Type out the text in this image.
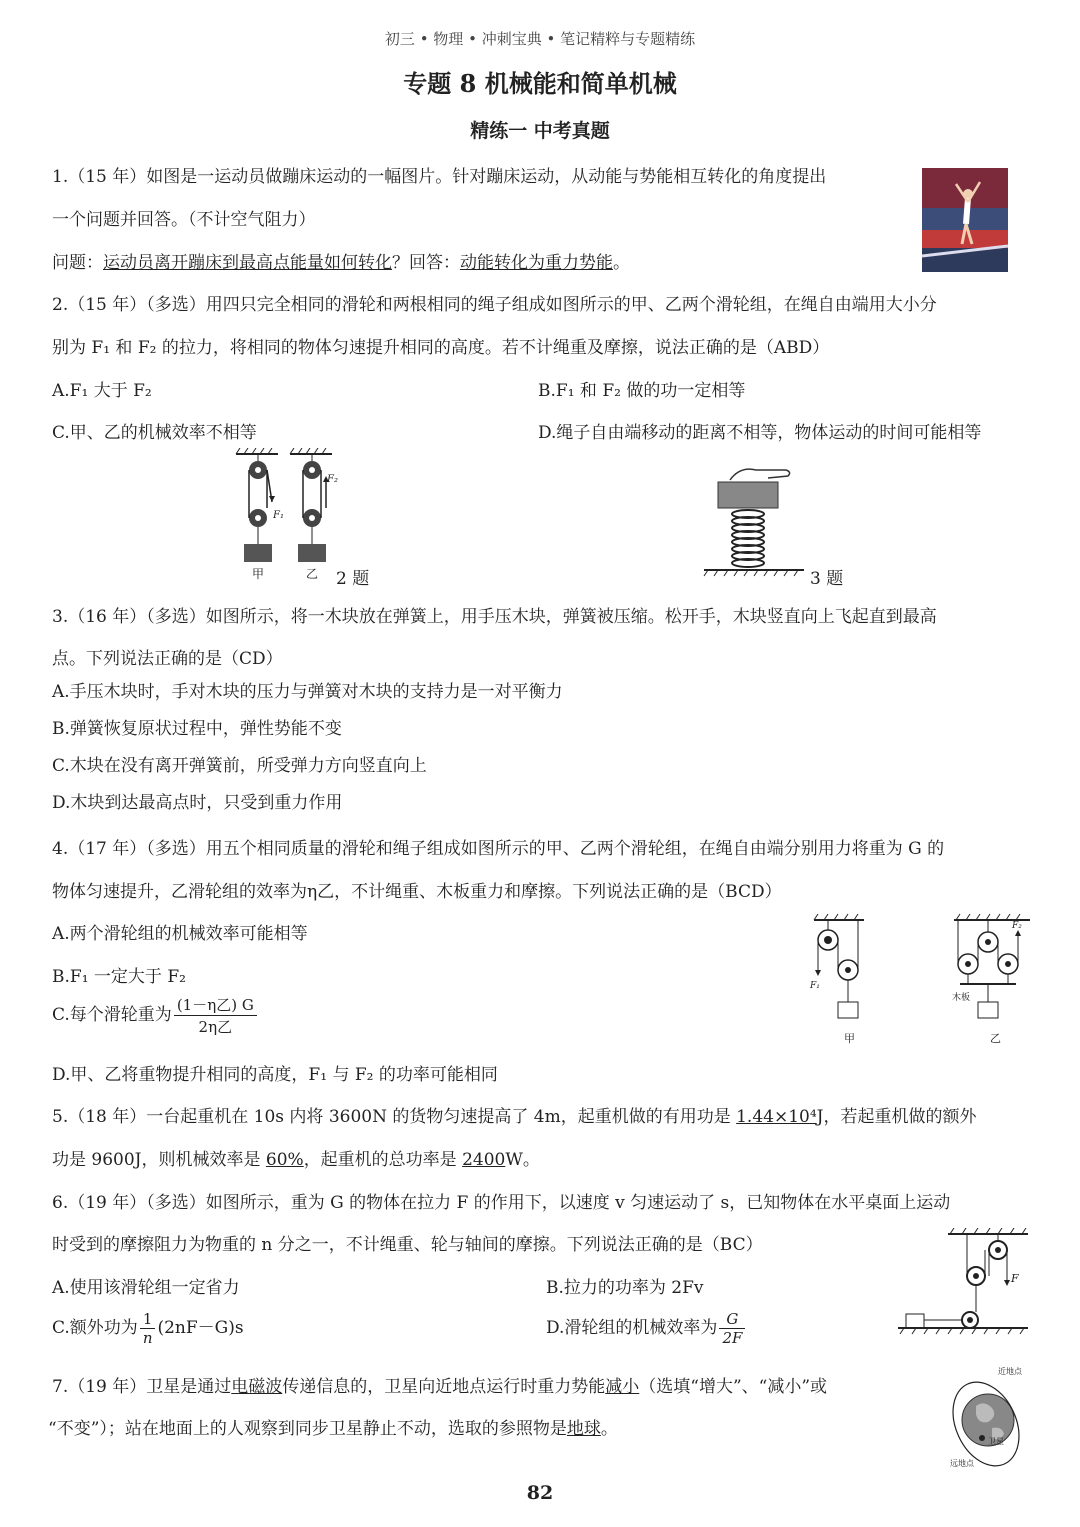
初三 • 物理 • 冲刺宝典 • 笔记精粹与专题精练
专题 8 机械能和简单机械
精练一 中考真题
1.（15 年）如图是一运动员做蹦床运动的一幅图片。针对蹦床运动，从动能与势能相互转化的角度提出
一个问题并回答。（不计空气阻力）
问题：运动员离开蹦床到最高点能量如何转化？回答：动能转化为重力势能。
2.（15 年）（多选）用四只完全相同的滑轮和两根相同的绳子组成如图所示的甲、乙两个滑轮组，在绳自由端用大小分
别为 F₁ 和 F₂ 的拉力，将相同的物体匀速提升相同的高度。若不计绳重及摩擦，说法正确的是（ABD）
A.F₁ 大于 F₂	B.F₁ 和 F₂ 做的功一定相等
C.甲、乙的机械效率不相等	D.绳子自由端移动的距离不相等，物体运动的时间可能相等
F₁
F₂
甲	乙 2 题	3 题
3.（16 年）（多选）如图所示，将一木块放在弹簧上，用手压木块，弹簧被压缩。松开手，木块竖直向上飞起直到最高
点。下列说法正确的是（CD）
A.手压木块时，手对木块的压力与弹簧对木块的支持力是一对平衡力
B.弹簧恢复原状过程中，弹性势能不变
C.木块在没有离开弹簧前，所受弹力方向竖直向上
D.木块到达最高点时，只受到重力作用
4.（17 年）（多选）用五个相同质量的滑轮和绳子组成如图所示的甲、乙两个滑轮组，在绳自由端分别用力将重为 G 的
物体匀速提升，乙滑轮组的效率为η乙，不计绳重、木板重力和摩擦。下列说法正确的是（BCD）
A.两个滑轮组的机械效率可能相等
B.F₁ 一定大于 F₂
C.每个滑轮重为 $\frac{\text{(1－η乙) G}}{\text{2η乙}}$
D.甲、乙将重物提升相同的高度，F₁ 与 F₂ 的功率可能相同
F₁
甲
F₂
木板
乙
5.（18 年）一台起重机在 10s 内将 3600N 的货物匀速提高了 4m，起重机做的有用功是 1.44×10⁴J，若起重机做的额外
功是 9600J，则机械效率是 60%，起重机的总功率是 2400W。
6.（19 年）（多选）如图所示，重为 G 的物体在拉力 F 的作用下，以速度 v 匀速运动了 s，已知物体在水平桌面上运动
时受到的摩擦阻力为物重的 n 分之一，不计绳重、轮与轴间的摩擦。下列说法正确的是（BC）
A.使用该滑轮组一定省力	B.拉力的功率为 2Fv
C.额外功为 $\frac{1}{n} (2nF-G)s$	D.滑轮组的机械效率为 $\frac{G}{2F}$
F
7.（19 年）卫星是通过电磁波传递信息的，卫星向近地点运行时重力势能减小（选填“增大”、“减小”或
“不变”）；站在地面上的人观察到同步卫星静止不动，选取的参照物是地球。
近地点
卫星
远地点
82
